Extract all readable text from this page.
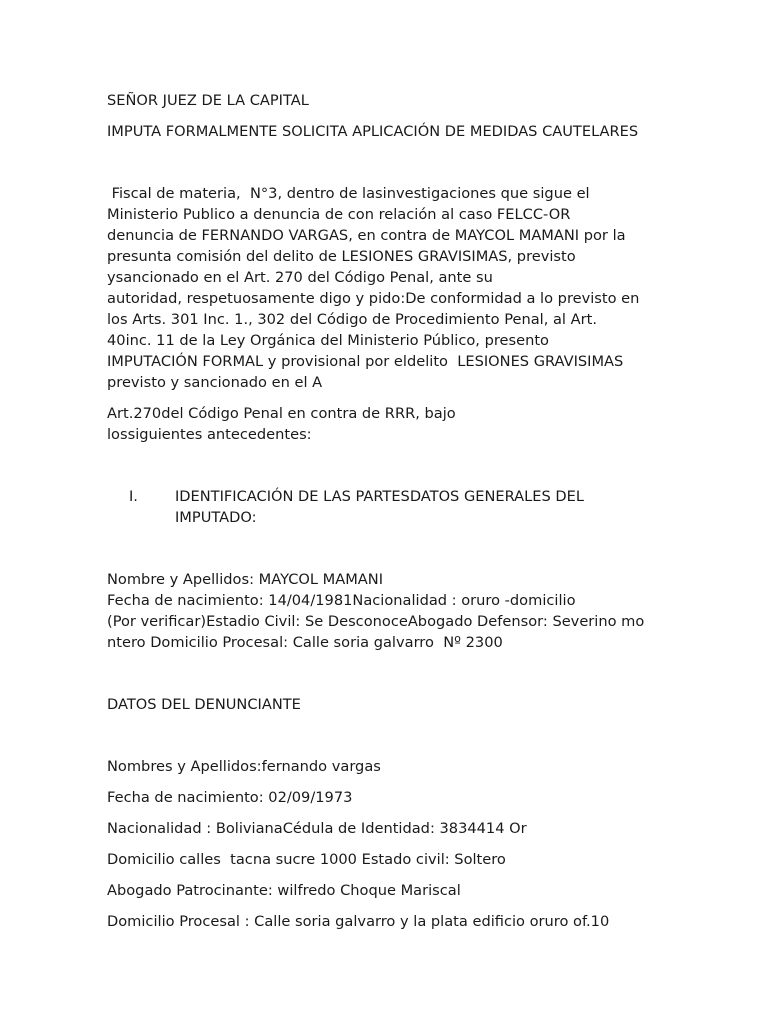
SEÑOR JUEZ DE LA CAPITAL
IMPUTA FORMALMENTE SOLICITA APLICACIÓN DE MEDIDAS CAUTELARES
Fiscal de materia,  N°3, dentro de lasinvestigaciones que sigue el
Ministerio Publico a denuncia de con relación al caso FELCC-OR
denuncia de FERNANDO VARGAS, en contra de MAYCOL MAMANI por la
presunta comisión del delito de LESIONES GRAVISIMAS, previsto
ysancionado en el Art. 270 del Código Penal, ante su
autoridad, respetuosamente digo y pido:De conformidad a lo previsto en
los Arts. 301 Inc. 1., 302 del Código de Procedimiento Penal, al Art.
40inc. 11 de la Ley Orgánica del Ministerio Público, presento
IMPUTACIÓN FORMAL y provisional por eldelito  LESIONES GRAVISIMAS
previsto y sancionado en el A
Art.270del Código Penal en contra de RRR, bajo
lossiguientes antecedentes:
I.	IDENTIFICACIÓN DE LAS PARTESDATOS GENERALES DEL
IMPUTADO:
Nombre y Apellidos: MAYCOL MAMANI
Fecha de nacimiento: 14/04/1981Nacionalidad : oruro -domicilio
(Por verificar)Estadio Civil: Se DesconoceAbogado Defensor: Severino mo
ntero Domicilio Procesal: Calle soria galvarro  Nº 2300
DATOS DEL DENUNCIANTE
Nombres y Apellidos:fernando vargas
Fecha de nacimiento: 02/09/1973
Nacionalidad : BolivianaCédula de Identidad: 3834414 Or
Domicilio calles  tacna sucre 1000 Estado civil: Soltero
Abogado Patrocinante: wilfredo Choque Mariscal
Domicilio Procesal : Calle soria galvarro y la plata edificio oruro of.10
